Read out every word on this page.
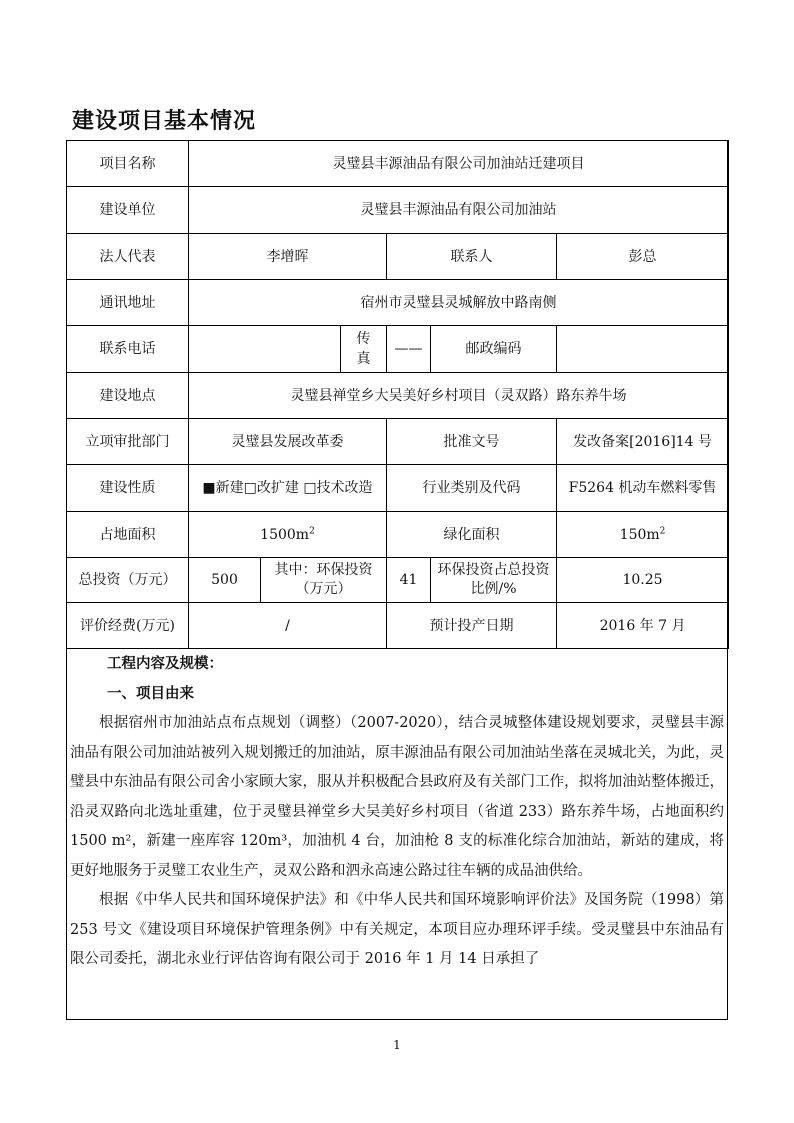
建设项目基本情况
项目名称	灵璧县丰源油品有限公司加油站迁建项目					
建设单位	灵璧县丰源油品有限公司加油站					
法人代表	李增晖			联系人		彭总
通讯地址	宿州市灵璧县灵城解放中路南侧					
联系电话			传真	——	邮政编码	
建设地点	灵璧县禅堂乡大吴美好乡村项目（灵双路）路东养牛场					
立项审批部门	灵璧县发展改革委			批准文号		发改备案[2016]14 号
建设性质	■新建□改扩建 □技术改造			行业类别及代码		F5264 机动车燃料零售
占地面积	$1500m^2$			绿化面积		$150m^2$
总投资（万元）	500	其中：环保投资（万元）		41	环保投资占总投资比例/%	10.25
评价经费(万元)	/			预计投产日期		2016 年 7 月

工程内容及规模：

一、项目由来

根据宿州市加油站点布点规划（调整）（2007-2020），结合灵城整体建设规划要求，灵璧县丰源油品有限公司加油站被列入规划搬迁的加油站，原丰源油品有限公司加油站坐落在灵城北关，为此，灵璧县中东油品有限公司舍小家顾大家，服从并积极配合县政府及有关部门工作，拟将加油站整体搬迁，沿灵双路向北选址重建，位于灵璧县禅堂乡大吴美好乡村项目（省道 233）路东养牛场，占地面积约 1500 m²，新建一座库容 120m³，加油机 4 台，加油枪 8 支的标准化综合加油站，新站的建成，将更好地服务于灵璧工农业生产，灵双公路和泗永高速公路过往车辆的成品油供给。

根据《中华人民共和国环境保护法》和《中华人民共和国环境影响评价法》及国务院（1998）第 253 号文《建设项目环境保护管理条例》中有关规定，本项目应办理环评手续。受灵璧县中东油品有限公司委托，湖北永业行评估咨询有限公司于 2016 年 1 月 14 日承担了

1
